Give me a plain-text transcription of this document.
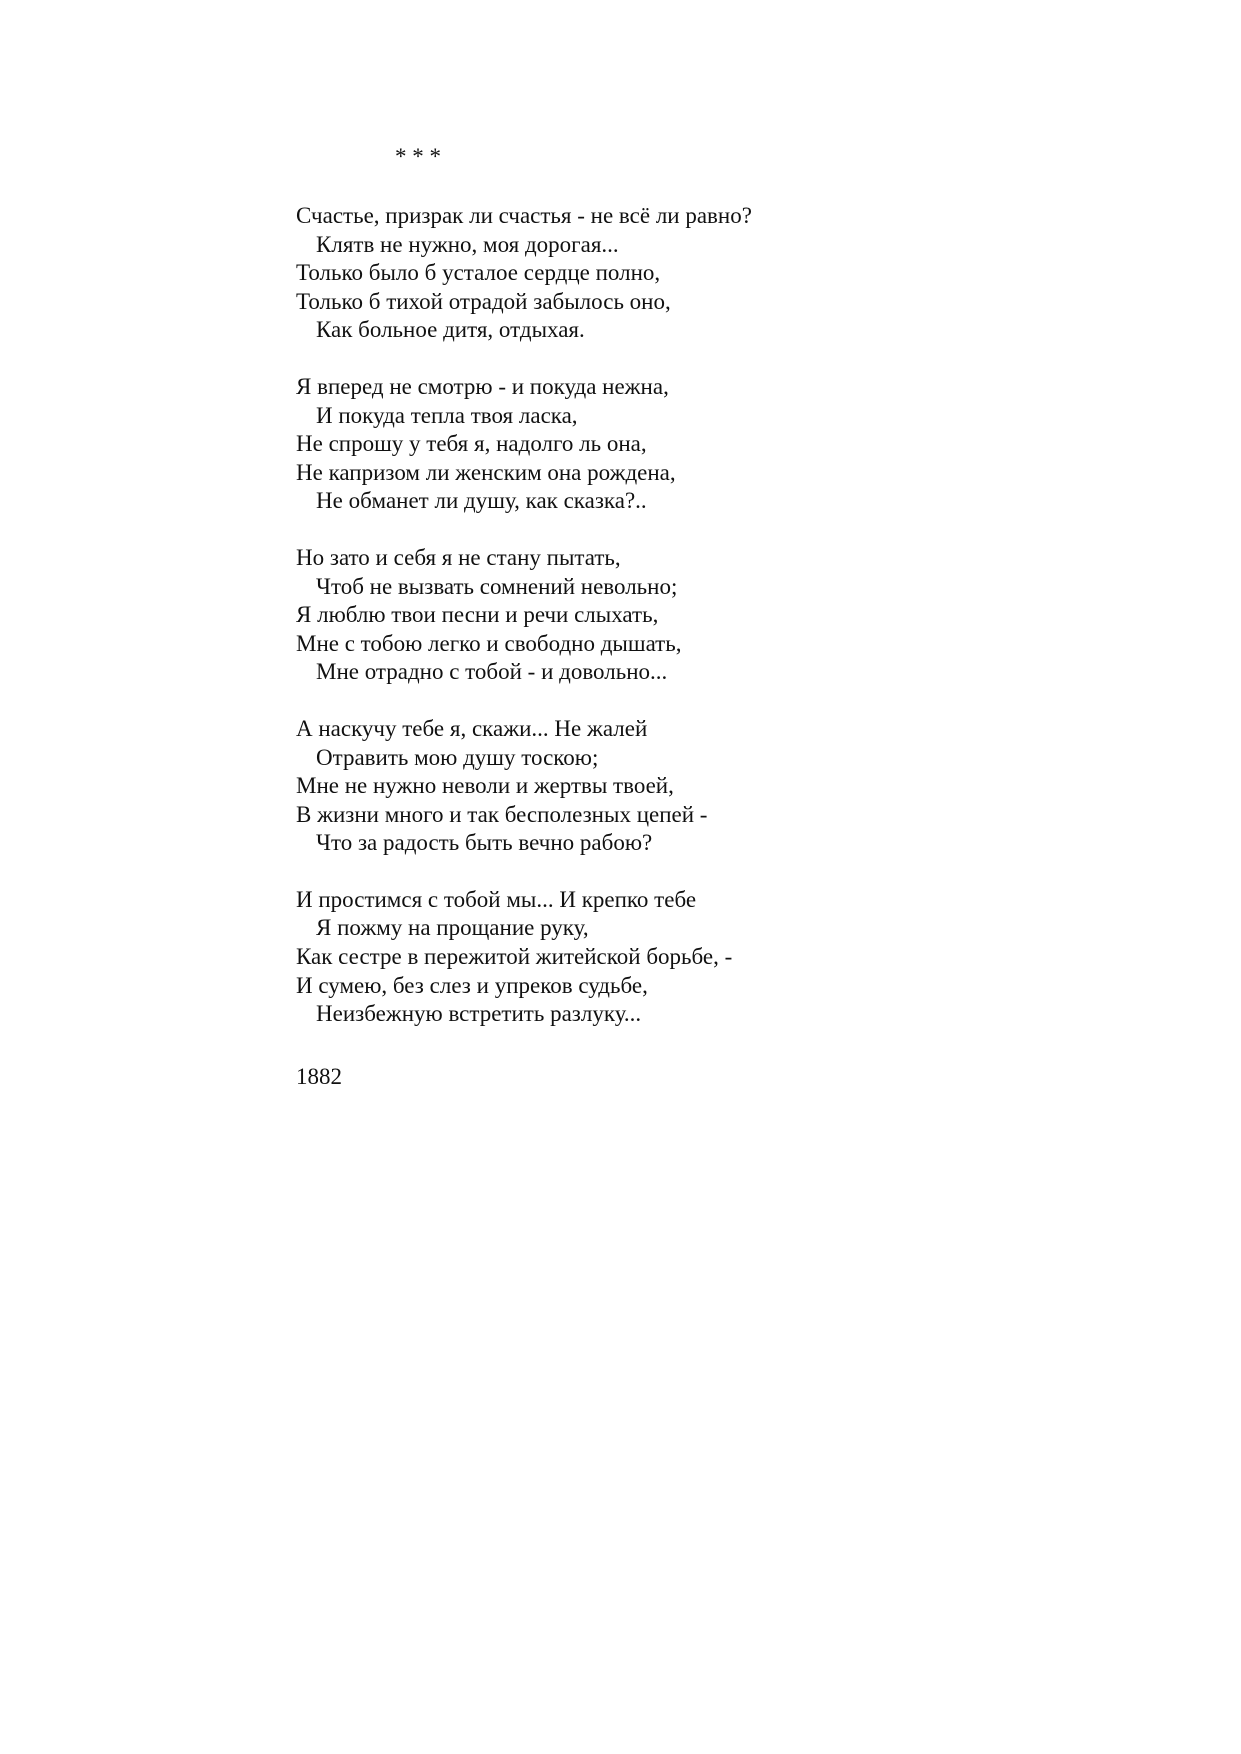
* * *
Счастье, призрак ли счастья - не всё ли равно?
Клятв не нужно, моя дорогая...
Только было б усталое сердце полно,
Только б тихой отрадой забылось оно,
Как больное дитя, отдыхая.
Я вперед не смотрю - и покуда нежна,
И покуда тепла твоя ласка,
Не спрошу у тебя я, надолго ль она,
Не капризом ли женским она рождена,
Не обманет ли душу, как сказка?..
Но зато и себя я не стану пытать,
Чтоб не вызвать сомнений невольно;
Я люблю твои песни и речи слыхать,
Мне с тобою легко и свободно дышать,
Мне отрадно с тобой - и довольно...
А наскучу тебе я, скажи... Не жалей
Отравить мою душу тоскою;
Мне не нужно неволи и жертвы твоей,
В жизни много и так бесполезных цепей -
Что за радость быть вечно рабою?
И простимся с тобой мы... И крепко тебе
Я пожму на прощание руку,
Как сестре в пережитой житейской борьбе, -
И сумею, без слез и упреков судьбе,
Неизбежную встретить разлуку...
1882
